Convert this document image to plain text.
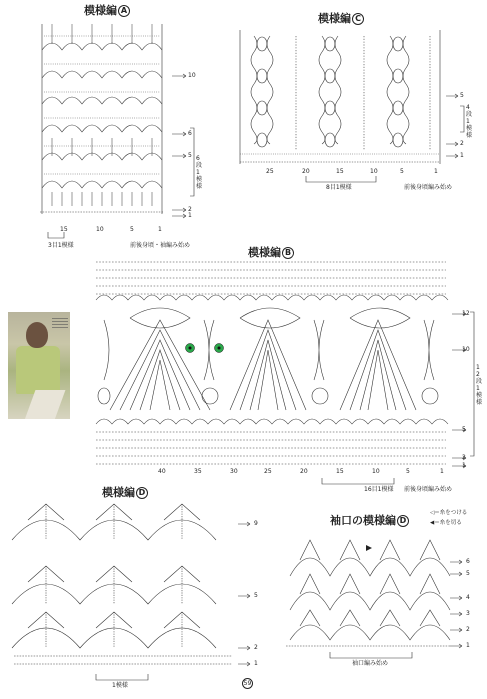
模様編 A
10
6
5
2
1
6段1模様
15	10	5	1
3目1模様	前後身頃・袖編み始め
模様編 C
5
2
1
4段1模様
25	20	15	10	5	1
8目1模様	前後身頃編み始め
模様編 B
12
10
5
2
1
12段1模様
40	35	30	25	20	15	10	5	1
16目1模様 前後身頃編み始め
模様編 D
9
5
2
1
1模様
袖口の模様編 D
◁＝糸をつける
◀＝糸を切る
6
5
4
3
2
1
袖口編み始め
59
